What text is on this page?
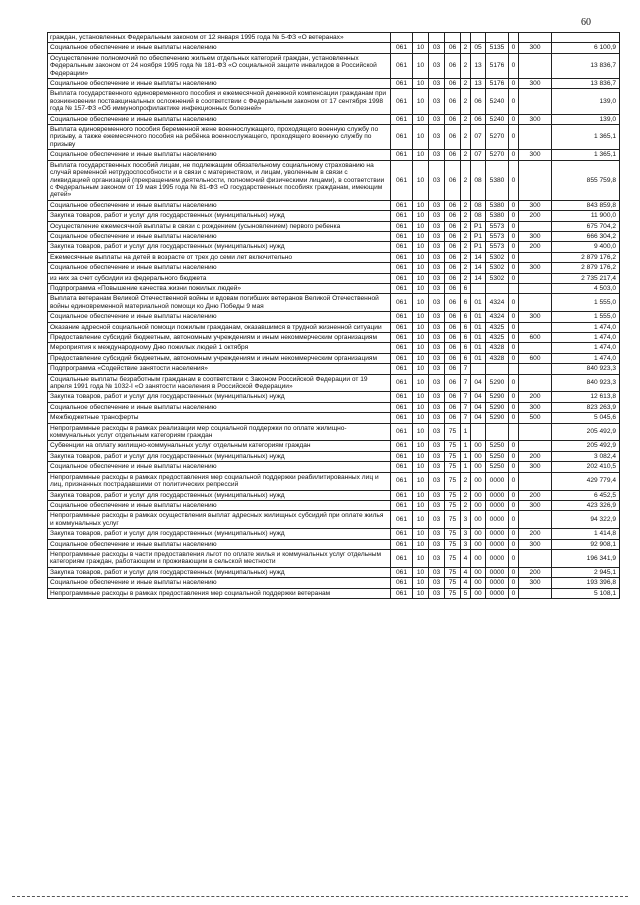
60
граждан, установленных Федеральным законом от 12 января 1995 года № 5-ФЗ «О ветеранах»										
Социальное обеспечение и иные выплаты населению	061	10	03	06	2	05	5135	0	300	6 100,9
Осуществление полномочий по обеспечению жильем отдельных категорий граждан, установленных Федеральным законом от 24 ноября 1995 года № 181-ФЗ «О социальной защите инвалидов в Российской Федерации»	061	10	03	06	2	13	5176	0		13 836,7
Социальное обеспечение и иные выплаты населению	061	10	03	06	2	13	5176	0	300	13 836,7
Выплата государственного единовременного пособия и ежемесячной денежной компенсации гражданам при возникновении поствакцинальных осложнений в соответствии с Федеральным законом от 17 сентября 1998 года № 157-ФЗ «Об иммунопрофилактике инфекционных болезней»	061	10	03	06	2	06	5240	0		139,0
Социальное обеспечение и иные выплаты населению	061	10	03	06	2	06	5240	0	300	139,0
Выплата единовременного пособия беременной жене военнослужащего, проходящего военную службу по призыву, а также ежемесячного пособия на ребёнка военнослужащего, проходящего военную службу по призыву	061	10	03	06	2	07	5270	0		1 365,1
Социальное обеспечение и иные выплаты населению	061	10	03	06	2	07	5270	0	300	1 365,1
Выплата государственных пособий лицам, не подлежащим обязательному социальному страхованию на случай временной нетрудоспособности и в связи с материнством, и лицам, уволенным в связи с ликвидацией организаций (прекращением деятельности, полномочий физическими лицами), в соответствии с Федеральным законом от 19 мая 1995 года № 81-ФЗ «О государственных пособиях гражданам, имеющим детей»	061	10	03	06	2	08	5380	0		855 759,8
Социальное обеспечение и иные выплаты населению	061	10	03	06	2	08	5380	0	300	843 859,8
Закупка товаров, работ и услуг для государственных (муниципальных) нужд	061	10	03	06	2	08	5380	0	200	11 900,0
Осуществление ежемесячной выплаты в связи с рождением (усыновлением) первого ребенка	061	10	03	06	2	P1	5573	0		675 704,2
Социальное обеспечение и иные выплаты населению	061	10	03	06	2	P1	5573	0	300	666 304,2
Закупка товаров, работ и услуг для государственных (муниципальных) нужд	061	10	03	06	2	P1	5573	0	200	9 400,0
Ежемесячные выплаты на детей в возрасте от трех до семи лет включительно	061	10	03	06	2	14	5302	0		2 879 176,2
Социальное обеспечение и иные выплаты населению	061	10	03	06	2	14	5302	0	300	2 879 176,2
из них за счет субсидии из федерального бюджета	061	10	03	06	2	14	5302	0		2 735 217,4
Подпрограмма «Повышение качества жизни пожилых людей»	061	10	03	06	6					4 503,0
Выплата ветеранам Великой Отечественной войны и вдовам погибших ветеранов Великой Отечественной войны единовременной материальной помощи ко Дню Победы 9 мая	061	10	03	06	6	01	4324	0		1 555,0
Социальное обеспечение и иные выплаты населению	061	10	03	06	6	01	4324	0	300	1 555,0
Оказание адресной социальной помощи пожилым гражданам, оказавшимся в трудной жизненной ситуации	061	10	03	06	6	01	4325	0		1 474,0
Предоставление субсидий бюджетным, автономным учреждениям и иным некоммерческим организациям	061	10	03	06	6	01	4325	0	600	1 474,0
Мероприятия к международному Дню пожилых людей 1 октября	061	10	03	06	6	01	4328	0		1 474,0
Предоставление субсидий бюджетным, автономным учреждениям и иным некоммерческим организациям	061	10	03	06	6	01	4328	0	600	1 474,0
Подпрограмма «Содействие занятости населения»	061	10	03	06	7					840 923,3
Социальные выплаты безработным гражданам в соответствии с Законом Российской Федерации от 19 апреля 1991 года № 1032-I «О занятости населения в Российской Федерации»	061	10	03	06	7	04	5290	0		840 923,3
Закупка товаров, работ и услуг для государственных (муниципальных) нужд	061	10	03	06	7	04	5290	0	200	12 613,8
Социальное обеспечение и иные выплаты населению	061	10	03	06	7	04	5290	0	300	823 263,9
Межбюджетные трансферты	061	10	03	06	7	04	5290	0	500	5 045,6
Непрограммные расходы в рамках реализации мер социальной поддержки по оплате жилищно-коммунальных услуг отдельным категориям граждан	061	10	03	75	1					205 492,9
Субвенции на оплату жилищно-коммунальных услуг отдельным категориям граждан	061	10	03	75	1	00	5250	0		205 492,9
Закупка товаров, работ и услуг для государственных (муниципальных) нужд	061	10	03	75	1	00	5250	0	200	3 082,4
Социальное обеспечение и иные выплаты населению	061	10	03	75	1	00	5250	0	300	202 410,5
Непрограммные расходы в рамках предоставления мер социальной поддержки реабилитированных лиц и лиц, признанных пострадавшими от политических репрессий	061	10	03	75	2	00	0000	0		429 779,4
Закупка товаров, работ и услуг для государственных (муниципальных) нужд	061	10	03	75	2	00	0000	0	200	6 452,5
Социальное обеспечение и иные выплаты населению	061	10	03	75	2	00	0000	0	300	423 326,9
Непрограммные расходы в рамках осуществления выплат адресных жилищных субсидий при оплате жилья и коммунальных услуг	061	10	03	75	3	00	0000	0		94 322,9
Закупка товаров, работ и услуг для государственных (муниципальных) нужд	061	10	03	75	3	00	0000	0	200	1 414,8
Социальное обеспечение и иные выплаты населению	061	10	03	75	3	00	0000	0	300	92 908,1
Непрограммные расходы в части предоставления льгот по оплате жилья и коммунальных услуг отдельным категориям граждан, работающим и проживающим в сельской местности	061	10	03	75	4	00	0000	0		196 341,9
Закупка товаров, работ и услуг для государственных (муниципальных) нужд	061	10	03	75	4	00	0000	0	200	2 945,1
Социальное обеспечение и иные выплаты населению	061	10	03	75	4	00	0000	0	300	193 396,8
Непрограммные расходы в рамках предоставления мер социальной поддержки ветеранам	061	10	03	75	5	00	0000	0		5 108,1
